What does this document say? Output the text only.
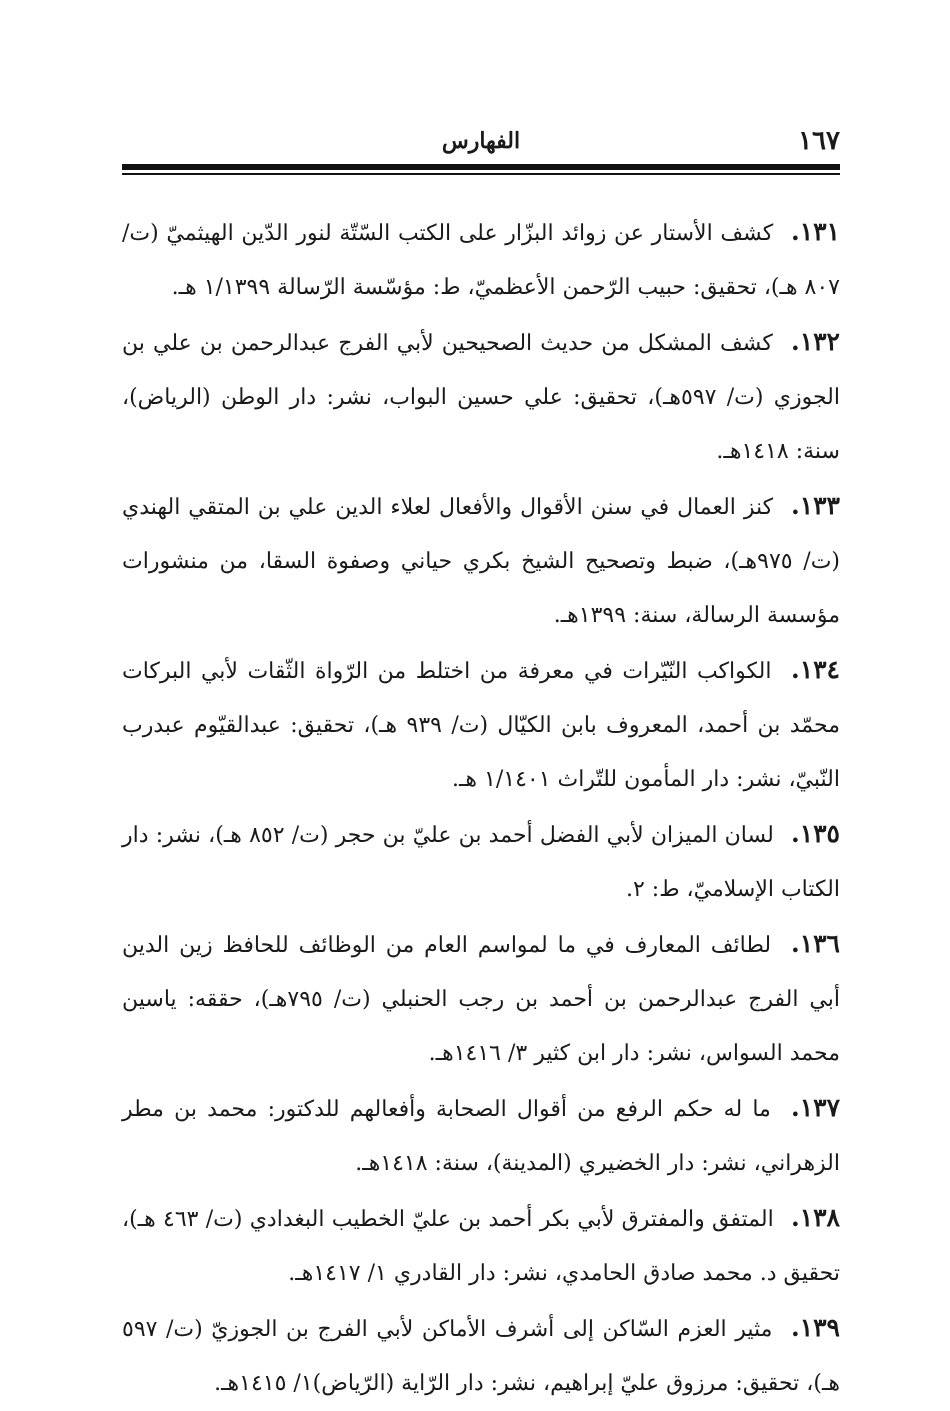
١٦٧
الفهارس

١٣١. كشف الأستار عن زوائد البزّار على الكتب السّتّة لنور الدّين الهيثميّ (ت/ ٨٠٧ هـ)، تحقيق: حبيب الرّحمن الأعظميّ، ط: مؤسّسة الرّسالة ١/١٣٩٩ هـ.

١٣٢. كشف المشكل من حديث الصحيحين لأبي الفرج عبدالرحمن بن علي بن الجوزي (ت/ ٥٩٧هـ)، تحقيق: علي حسين البواب، نشر: دار الوطن (الرياض)، سنة: ١٤١٨هـ.

١٣٣. كنز العمال في سنن الأقوال والأفعال لعلاء الدين علي بن المتقي الهندي (ت/ ٩٧٥هـ)، ضبط وتصحيح الشيخ بكري حياني وصفوة السقا، من منشورات مؤسسة الرسالة، سنة: ١٣٩٩هـ.

١٣٤. الكواكب النّيّرات في معرفة من اختلط من الرّواة الثّقات لأبي البركات محمّد بن أحمد، المعروف بابن الكيّال (ت/ ٩٣٩ هـ)، تحقيق: عبدالقيّوم عبدرب النّبيّ، نشر: دار المأمون للتّراث ١/١٤٠١ هـ.

١٣٥. لسان الميزان لأبي الفضل أحمد بن عليّ بن حجر (ت/ ٨٥٢ هـ)، نشر: دار الكتاب الإسلاميّ، ط: ٢.

١٣٦. لطائف المعارف في ما لمواسم العام من الوظائف للحافظ زين الدين أبي الفرج عبدالرحمن بن أحمد بن رجب الحنبلي (ت/ ٧٩٥هـ)، حققه: ياسين محمد السواس، نشر: دار ابن كثير ٣/ ١٤١٦هـ.

١٣٧. ما له حكم الرفع من أقوال الصحابة وأفعالهم للدكتور: محمد بن مطر الزهراني، نشر: دار الخضيري (المدينة)، سنة: ١٤١٨هـ.

١٣٨. المتفق والمفترق لأبي بكر أحمد بن عليّ الخطيب البغدادي (ت/ ٤٦٣ هـ)، تحقيق د. محمد صادق الحامدي، نشر: دار القادري ١/ ١٤١٧هـ.

١٣٩. مثير العزم السّاكن إلى أشرف الأماكن لأبي الفرج بن الجوزيّ (ت/ ٥٩٧ هـ)، تحقيق: مرزوق عليّ إبراهيم، نشر: دار الرّاية (الرّياض)١/ ١٤١٥هـ.
